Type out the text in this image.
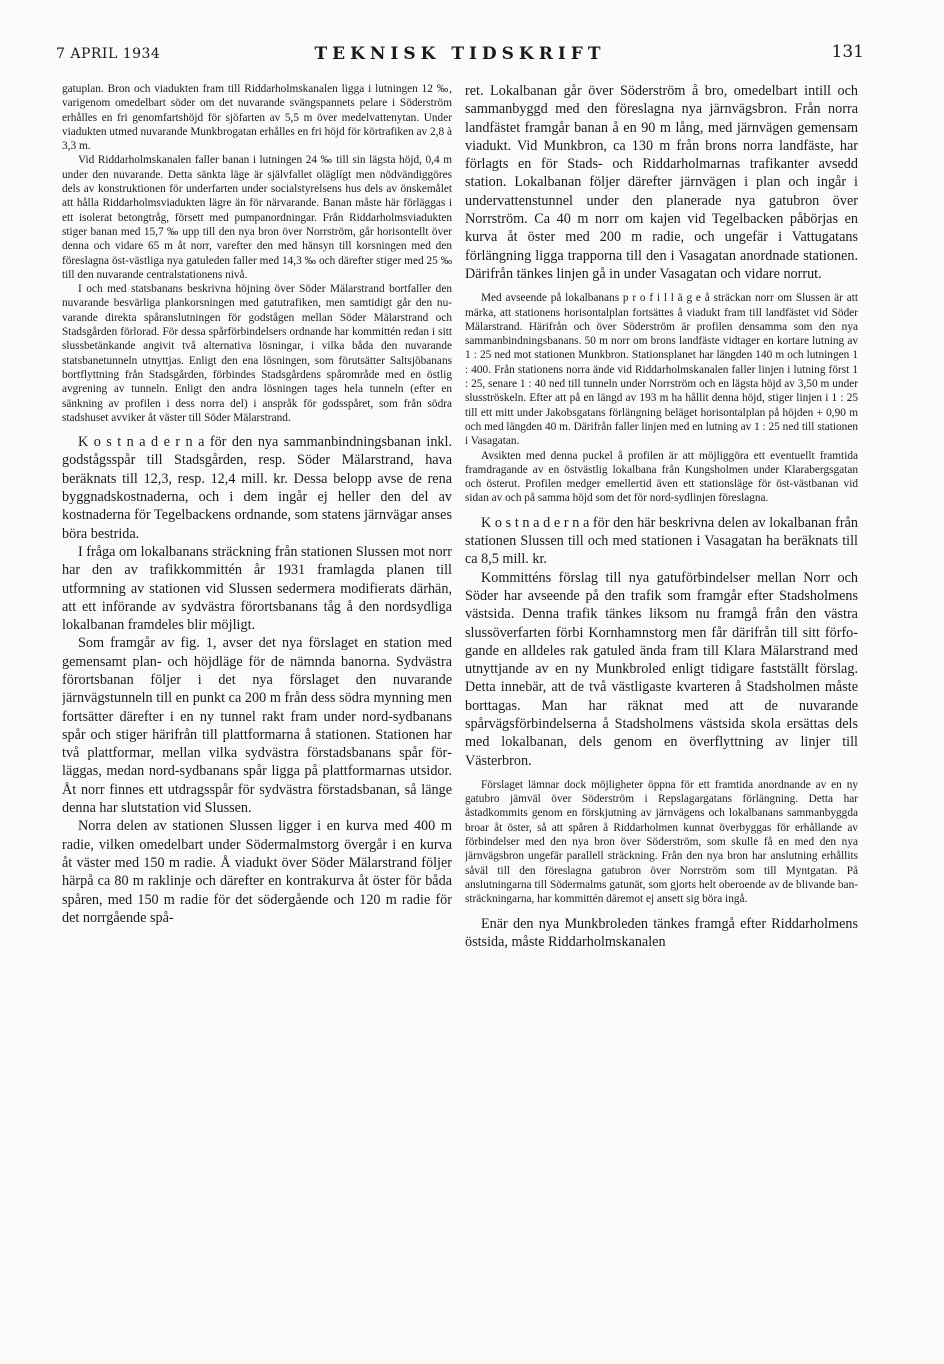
7 APRIL 1934	TEKNISK TIDSKRIFT	131

gatuplan. Bron och viadukten fram till Riddarholmskanalen ligga i lutningen 12 ‰, varigenom omedelbart söder om det nuvarande svängspannets pelare i Söderström erhålles en fri genomfartshöjd för sjöfarten av 5,5 m över medelvattenytan. Under viadukten utmed nuvarande Munkbrogatan erhålles en fri höjd för körtrafiken av 2,8 à 3,3 m.

Vid Riddarholmskanalen faller banan i lutningen 24 ‰ till sin lägsta höjd, 0,4 m under den nuvarande. Detta sänkta läge är självfallet oläglígt men nödvändiggöres dels av konstruktionen för underfarten under socialstyrelsens hus dels av önskemålet att hålla Riddarholmsviadukten lägre än för närvarande. Banan måste här förläggas i ett isolerat betongtråg, försett med pumpanordningar. Från Riddarholmsviadukten stiger banan med 15,7 ‰ upp till den nya bron över Norrström, går horisontellt över denna och vidare 65 m åt norr, varefter den med hänsyn till korsningen med den föreslagna öst-västliga nya gatuleden faller med 14,3 ‰ och därefter stiger med 25 ‰ till den nuvarande centralstationens nivå.

I och med statsbanans beskrivna höjning över Söder Mälarstrand bortfaller den nuvarande besvärliga plankorsningen med gatutrafiken, men samtidigt går den nuvarande direkta spåranslutningen för godstågen mellan Söder Mälarstrand och Stadsgården förlorad. För dessa spårförbindelsers ordnande har kommittén redan i sitt slussbetänkande angivit två alternativa lösningar, i vilka båda den nuvarande statsbanetunneln utnyttjas. Enligt den ena lösningen, som förutsätter Saltsjöbanans bortflyttning från Stadsgården, förbindes Stadsgårdens spårområde med en östlig avgrening av tunneln. Enligt den andra lösningen tages hela tunneln (efter en sänkning av profilen i dess norra del) i anspråk för godsspåret, som från södra stadshuset avviker åt väster till Söder Mälarstrand.

K o s t n a d e r n a för den nya sammanbindningsbanan inkl. godstågsspår till Stadsgården, resp. Söder Mälarstrand, hava beräknats till 12,3, resp. 12,4 mill. kr. Dessa belopp avse de rena byggnadskostnaderna, och i dem ingår ej heller den del av kostnaderna för Tegelbackens ordnande, som statens järnvägar anses böra bestrida.

I fråga om lokalbanans sträckning från stationen Slussen mot norr har den av trafikkommittén år 1931 framlagda planen till utformning av stationen vid Slussen sedermera modifierats därhän, att ett införande av sydvästra förortsbanans tåg å den nordsydliga lokalbanan framdeles blir möjligt.

Som framgår av fig. 1, avser det nya förslaget en station med gemensamt plan- och höjdläge för de nämnda banorna. Sydvästra förortsbanan följer i det nya förslaget den nuvarande järnvägstunneln till en punkt ca 200 m från dess södra mynning men fortsätter därefter i en ny tunnel rakt fram under nord-sydbanans spår och stiger härifrån till plattformarna å stationen. Stationen har två plattformar, mellan vilka sydvästra förstadsbanans spår förläggas, medan nord-sydbanans spår ligga på plattformarnas utsidor. Åt norr finnes ett utdragsspår för sydvästra förstadsbanan, så länge denna har slutstation vid Slussen.

Norra delen av stationen Slussen ligger i en kurva med 400 m radie, vilken omedelbart under Södermalmstorg övergår i en kurva åt väster med 150 m radie. Å viadukt över Söder Mälarstrand följer härpå ca 80 m raklinje och därefter en kontrakurva åt öster för båda spåren, med 150 m radie för det södergående och 120 m radie för det norrgående spå-

ret. Lokalbanan går över Söderström å bro, omedelbart intill och sammanbyggd med den föreslagna nya järnvägsbron. Från norra landfästet framgår banan å en 90 m lång, med järnvägen gemensam viadukt. Vid Munkbron, ca 130 m från brons norra landfäste, har förlagts en för Stads- och Riddarholmarnas trafikanter avsedd station. Lokalbanan följer därefter järnvägen i plan och ingår i undervattenstunnel under den planerade nya gatubron över Norrström. Ca 40 m norr om kajen vid Tegelbacken påbörjas en kurva åt öster med 200 m radie, och ungefär i Vattugatans förlängning ligga trapporna till den i Vasagatan anordnade stationen. Därifrån tänkes linjen gå in under Vasagatan och vidare norrut.

Med avseende på lokalbanans p r o f i l l ä g e å sträckan norr om Slussen är att märka, att stationens horisontalplan fortsättes å viadukt fram till landfästet vid Söder Mälarstrand. Härifrån och över Söderström är profilen densamma som den nya sammanbindningsbanans. 50 m norr om brons landfäste vidtager en kortare lutning av 1 : 25 ned mot stationen Munkbron. Stationsplanet har längden 140 m och lutningen 1 : 400. Från stationens norra ände vid Riddarholmskanalen faller linjen i lutning först 1 : 25, senare 1 : 40 ned till tunneln under Norrström och en lägsta höjd av 3,50 m under slusströskeln. Efter att på en längd av 193 m ha hållit denna höjd, stiger linjen i 1 : 25 till ett mitt under Jakobsgatans förlängning beläget horisontalplan på höjden + 0,90 m och med längden 40 m. Därifrån faller linjen med en lutning av 1 : 25 ned till stationen i Vasagatan.

Avsikten med denna puckel å profilen är att möjliggöra ett eventuellt framtida framdragande av en östvästlig lokalbana från Kungsholmen under Klarabergsgatan och österut. Profilen medger emellertid även ett stationsläge för öst-västbanan vid sidan av och på samma höjd som det för nord-sydlinjen föreslagna.

K o s t n a d e r n a för den här beskrivna delen av lokalbanan från stationen Slussen till och med stationen i Vasagatan ha beräknats till ca 8,5 mill. kr.

Kommitténs förslag till nya gatuförbindelser mellan Norr och Söder har avseende på den trafik som framgår efter Stadsholmens västsida. Denna trafik tänkes liksom nu framgå från den västra slussöverfarten förbi Kornhamnstorg men får därifrån till sitt förfogande en alldeles rak gatuled ända fram till Klara Mälarstrand med utnyttjande av en ny Munkbroled enligt tidigare fastställt förslag. Detta innebär, att de två västligaste kvarteren å Stadsholmen måste borttagas. Man har räknat med att de nuvarande spårvägsförbindelserna å Stadsholmens västsida skola ersättas dels med lokalbanan, dels genom en överflyttning av linjer till Västerbron.

Förslaget lämnar dock möjligheter öppna för ett framtida anordnande av en ny gatubro jämväl över Söderström i Repslagargatans förlängning. Detta har åstadkommits genom en förskjutning av järnvägens och lokalbanans sammanbyggda broar åt öster, så att spåren å Riddarholmen kunnat överbyggas för erhållande av förbindelser med den nya bron över Söderström, som skulle få en med den nya järnvägsbron ungefär parallell sträckning. Från den nya bron har anslutning erhållits såväl till den föreslagna gatubron över Norrström som till Myntgatan. På anslutningarna till Södermalms gatunät, som gjorts helt oberoende av de blivande bansträckningarna, har kommittén däremot ej ansett sig böra ingå.

Enär den nya Munkbroleden tänkes framgå efter Riddarholmens östsida, måste Riddarholmskanalen
